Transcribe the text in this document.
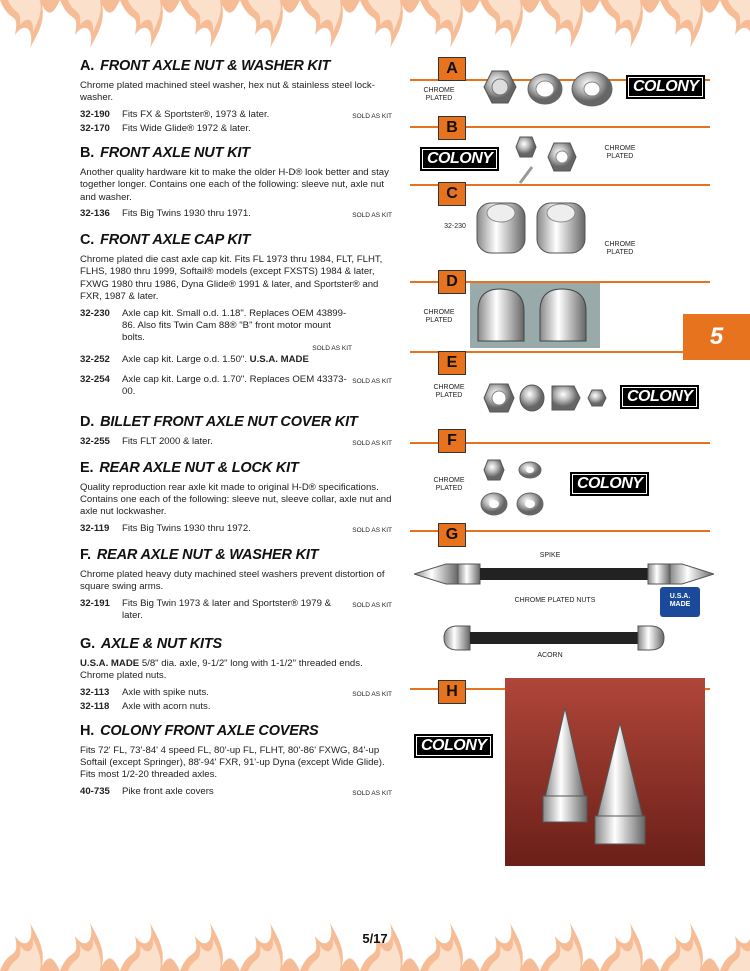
A. FRONT AXLE NUT & WASHER KIT

Chrome plated machined steel washer, hex nut & stainless steel lock-washer.

32-190	Fits FX & Sportster®, 1973 & later.	SOLD AS KIT
32-170	Fits Wide Glide® 1972 & later.
B. FRONT AXLE NUT KIT

Another quality hardware kit to make the older H-D® look better and stay together longer. Contains one each of the following: sleeve nut, axle nut and washer.

32-136	Fits Big Twins 1930 thru 1971.	SOLD AS KIT
C. FRONT AXLE CAP KIT

Chrome plated die cast axle cap kit. Fits FL 1973 thru 1984, FLT, FLHT, FLHS, 1980 thru 1999, Softail® models (except FXSTS) 1984 & later, FXWG 1980 thru 1986, Dyna Glide® 1991 & later, and Sportster® and FXR, 1987 & later.

32-230	Axle cap kit. Small o.d. 1.18". Replaces OEM 43899-86. Also fits Twin Cam 88® "B" front motor mount bolts.
SOLD AS KIT
32-252	Axle cap kit. Large o.d. 1.50". U.S.A. MADE
32-254	Axle cap kit. Large o.d. 1.70". Replaces OEM 43373-00.
SOLD AS KIT
D. BILLET FRONT AXLE NUT COVER KIT
32-255	Fits FLT 2000 & later.	SOLD AS KIT
E. REAR AXLE NUT & LOCK KIT

Quality reproduction rear axle kit made to original H-D® specifications. Contains one each of the following: sleeve nut, sleeve collar, axle nut and axle nut lockwasher.

32-119	Fits Big Twins 1930 thru 1972.	SOLD AS KIT
F. REAR AXLE NUT & WASHER KIT

Chrome plated heavy duty machined steel washers prevent distortion of square swing arms.

32-191	Fits Big Twin 1973 & later and Sportster® 1979 & later.
SOLD AS KIT
G. AXLE & NUT KITS

U.S.A. MADE 5/8" dia. axle, 9-1/2" long with 1-1/2" threaded ends. Chrome plated nuts.

32-113	Axle with spike nuts.	SOLD AS KIT
32-118	Axle with acorn nuts.
H. COLONY FRONT AXLE COVERS

Fits 72' FL, 73'-84' 4 speed FL, 80'-up FL, FLHT, 80'-86' FXWG, 84'-up Softail (except Springer), 88'-94' FXR, 91'-up Dyna (except Wide Glide). Fits most 1/2-20 threaded axles.

40-735	Pike front axle covers	SOLD AS KIT
A
CHROME PLATED
COLONY
B
COLONY
CHROME PLATED
C
32-230
CHROME PLATED
D
CHROME PLATED
E
CHROME PLATED	COLONY
F
CHROME PLATED	COLONY
G
SPIKE
CHROME PLATED NUTS
U.S.A. MADE
ACORN
H
COLONY
5
5/17
